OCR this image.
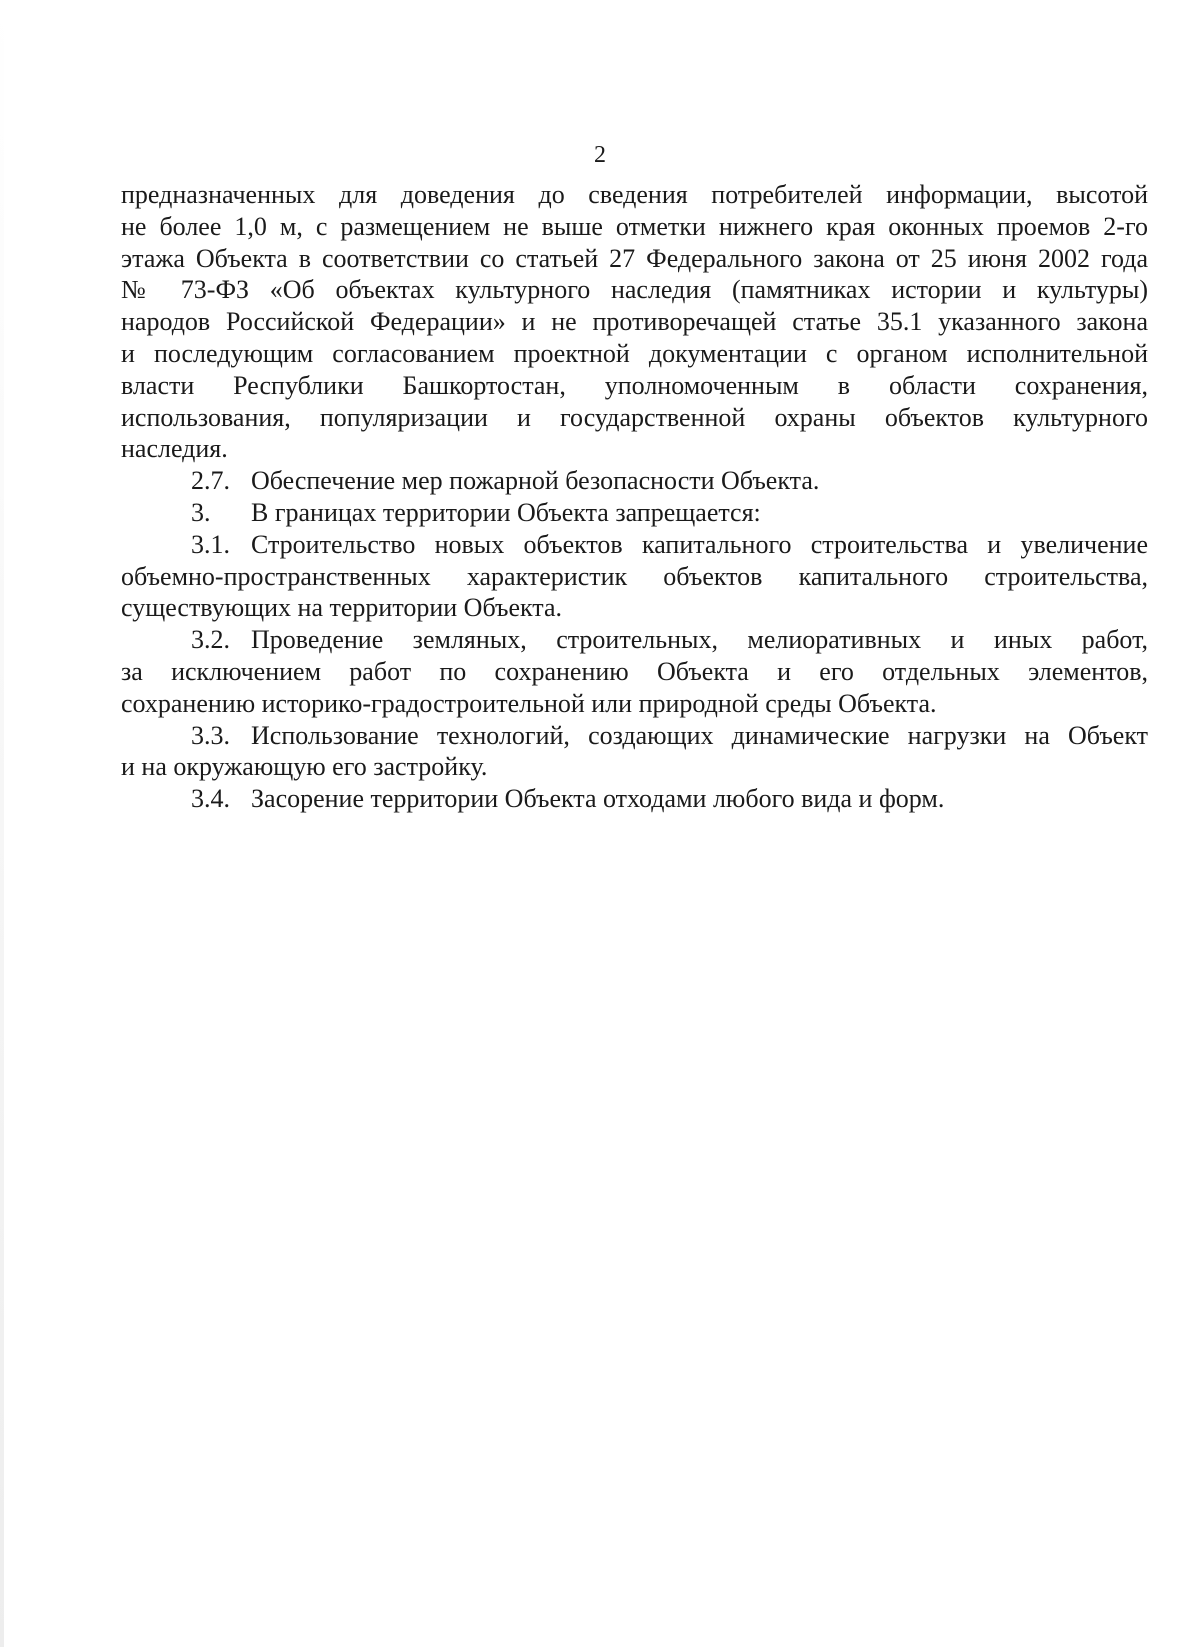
2
предназначенных для доведения до сведения потребителей информации, высотой
не более 1,0 м, с размещением не выше отметки нижнего края оконных проемов 2-го
этажа Объекта в соответствии со статьей 27 Федерального закона от 25 июня 2002 года
№ 73-ФЗ «Об объектах культурного наследия (памятниках истории и культуры)
народов Российской Федерации» и не противоречащей статье 35.1 указанного закона
и последующим согласованием проектной документации с органом исполнительной
власти Республики Башкортостан, уполномоченным в области сохранения,
использования, популяризации и государственной охраны объектов культурного
наследия.
2.7. Обеспечение мер пожарной безопасности Объекта.
3. В границах территории Объекта запрещается:
3.1. Строительство новых объектов капитального строительства и увеличение
объемно-пространственных характеристик объектов капитального строительства,
существующих на территории Объекта.
3.2. Проведение земляных, строительных, мелиоративных и иных работ,
за исключением работ по сохранению Объекта и его отдельных элементов,
сохранению историко-градостроительной или природной среды Объекта.
3.3. Использование технологий, создающих динамические нагрузки на Объект
и на окружающую его застройку.
3.4. Засорение территории Объекта отходами любого вида и форм.
